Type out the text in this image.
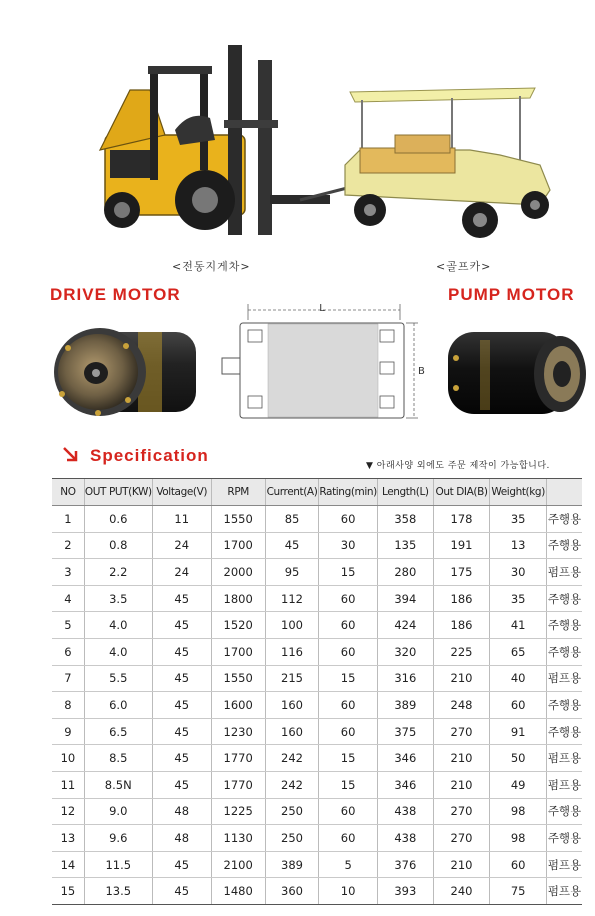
<전동지게차>	<골프카>
DRIVE MOTOR	PUMP MOTOR
L
B
Specification
▼ 아래사양 외에도 주문 제작이 가능합니다.
NO	OUT PUT(KW)	Voltage(V)	RPM	Current(A)	Rating(min)	Length(L)	Out DIA(B)	Weight(kg)	
1	0.6	11	1550	85	60	358	178	35	주행용
2	0.8	24	1700	45	30	135	191	13	주행용
3	2.2	24	2000	95	15	280	175	30	펌프용
4	3.5	45	1800	112	60	394	186	35	주행용
5	4.0	45	1520	100	60	424	186	41	주행용
6	4.0	45	1700	116	60	320	225	65	주행용
7	5.5	45	1550	215	15	316	210	40	펌프용
8	6.0	45	1600	160	60	389	248	60	주행용
9	6.5	45	1230	160	60	375	270	91	주행용
10	8.5	45	1770	242	15	346	210	50	펌프용
11	8.5N	45	1770	242	15	346	210	49	펌프용
12	9.0	48	1225	250	60	438	270	98	주행용
13	9.6	48	1130	250	60	438	270	98	주행용
14	11.5	45	2100	389	5	376	210	60	펌프용
15	13.5	45	1480	360	10	393	240	75	펌프용
